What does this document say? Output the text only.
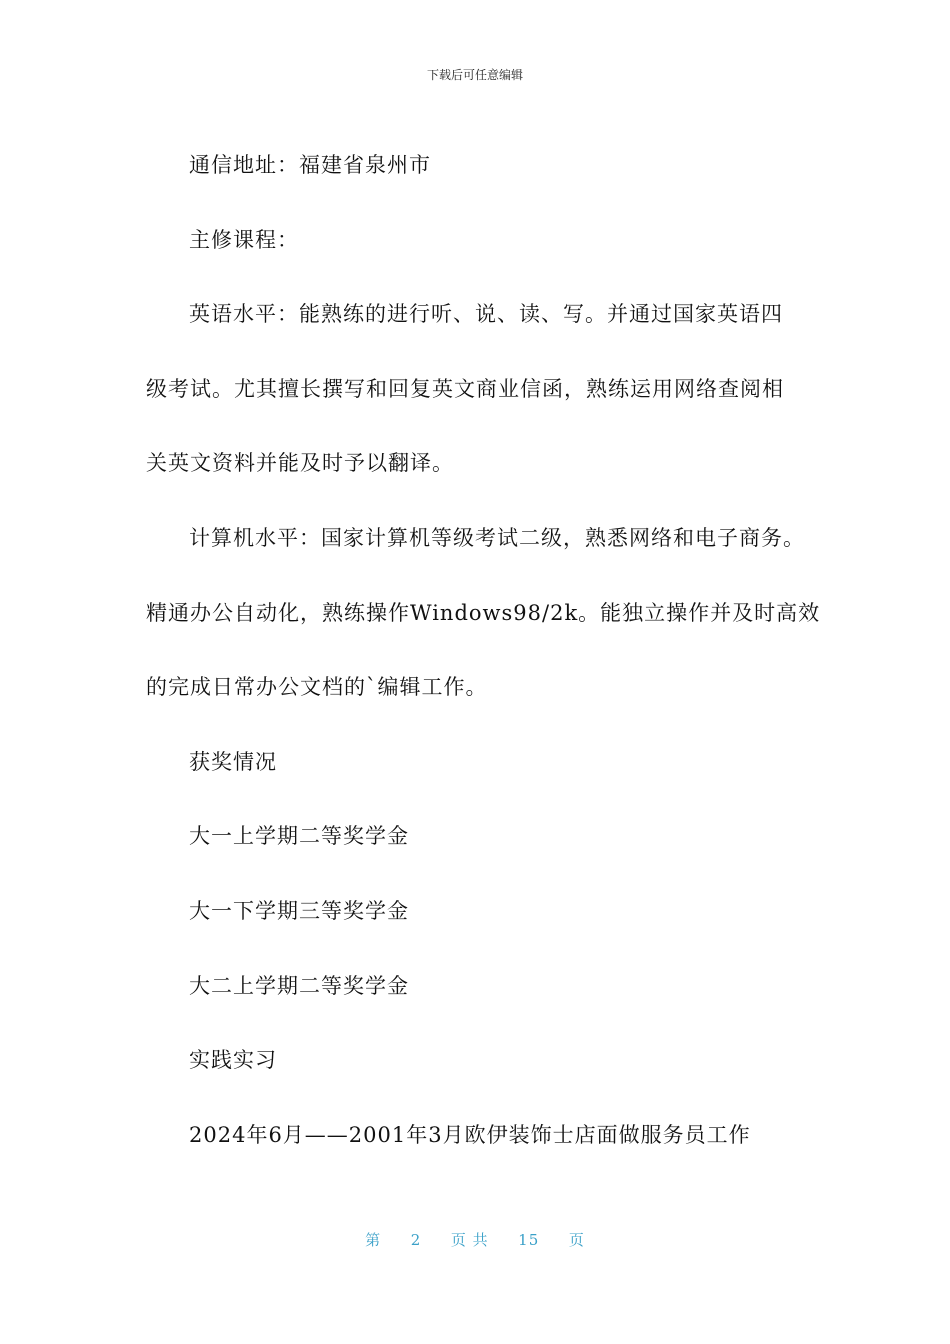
下载后可任意编辑
通信地址：福建省泉州市
主修课程：
英语水平：能熟练的进行听、说、读、写。并通过国家英语四
级考试。尤其擅长撰写和回复英文商业信函，熟练运用网络查阅相
关英文资料并能及时予以翻译。
计算机水平：国家计算机等级考试二级，熟悉网络和电子商务。
精通办公自动化，熟练操作Windows98/2k。能独立操作并及时高效
的完成日常办公文档的`编辑工作。
获奖情况
大一上学期二等奖学金
大一下学期三等奖学金
大二上学期二等奖学金
实践实习
2024年6月——2001年3月欧伊装饰士店面做服务员工作
第 2 页 共 15 页
